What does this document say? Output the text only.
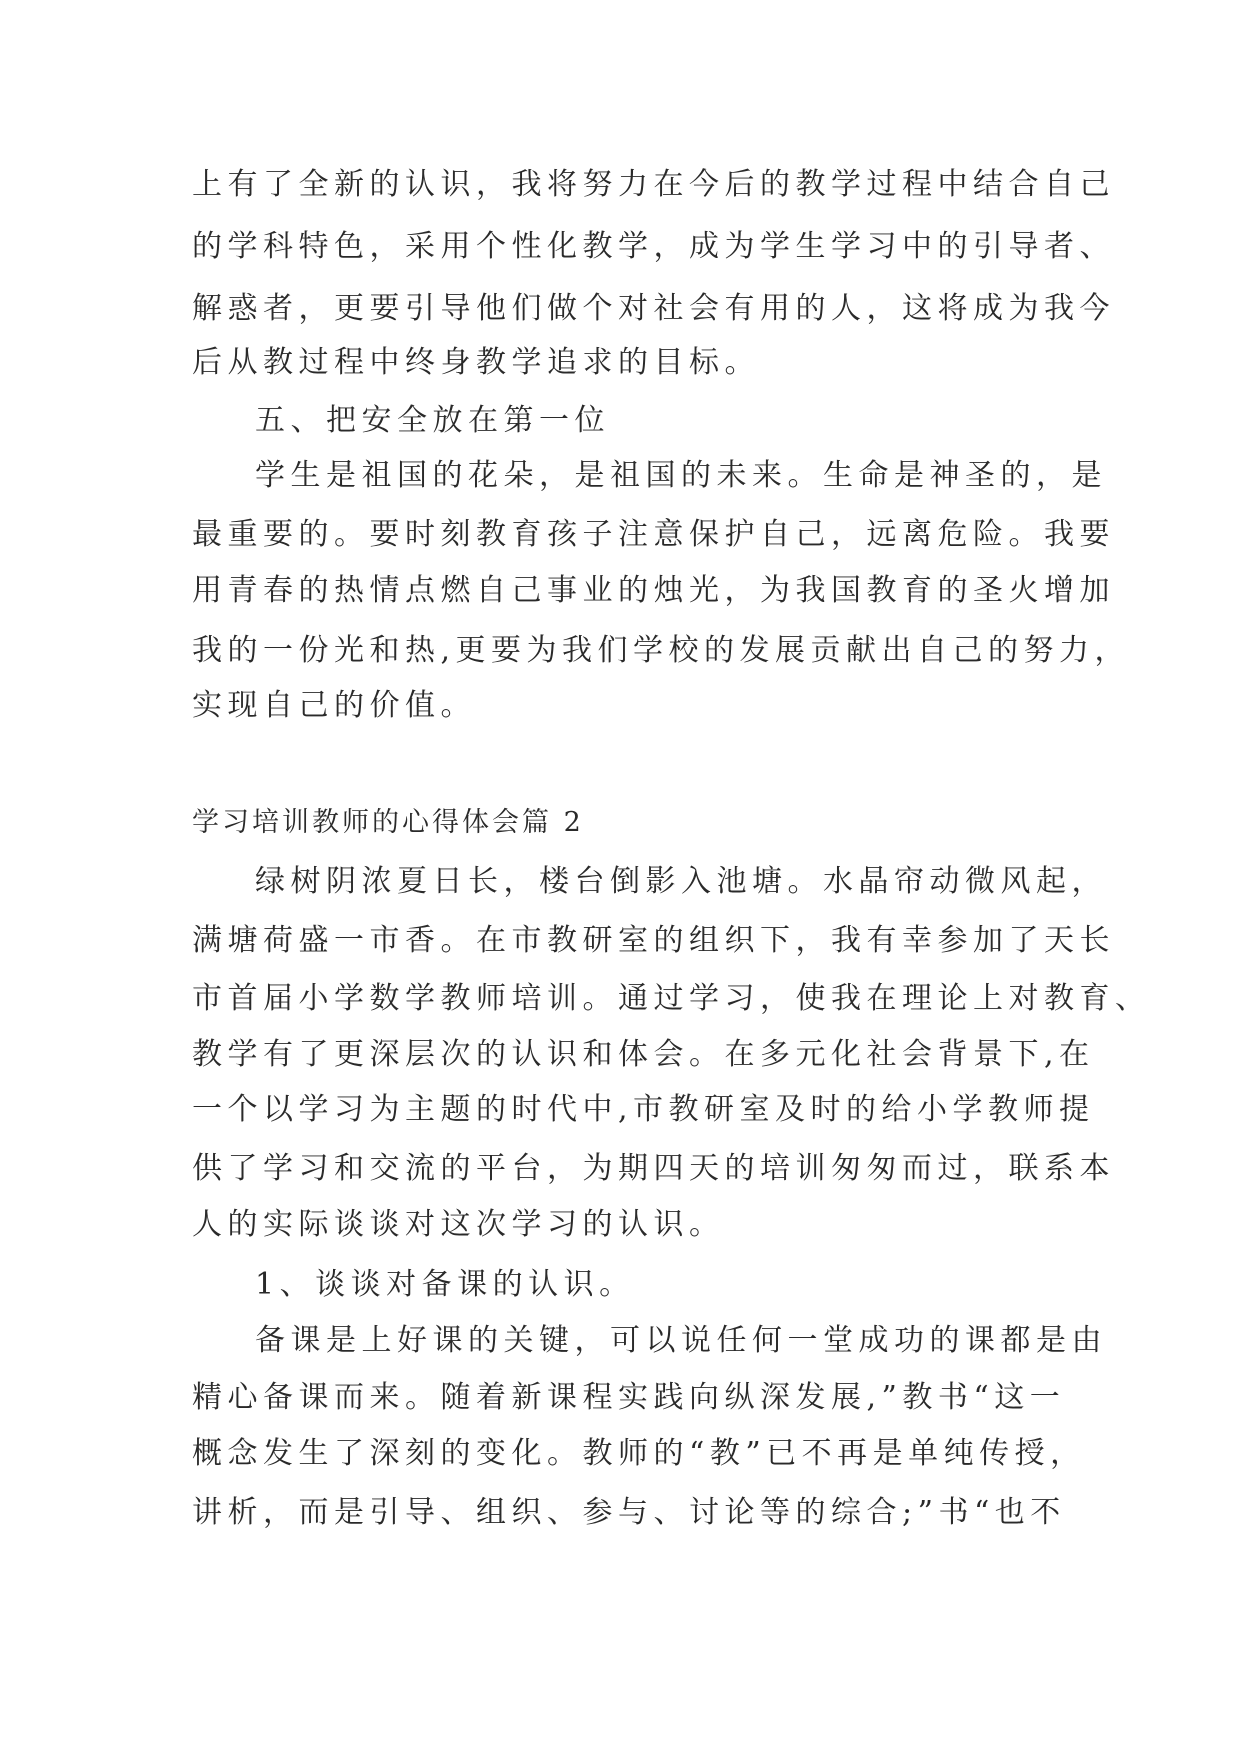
上有了全新的认识，我将努力在今后的教学过程中结合自己

的学科特色，采用个性化教学，成为学生学习中的引导者、

解惑者，更要引导他们做个对社会有用的人，这将成为我今

后从教过程中终身教学追求的目标。

五、把安全放在第一位

学生是祖国的花朵，是祖国的未来。生命是神圣的，是

最重要的。要时刻教育孩子注意保护自己，远离危险。我要

用青春的热情点燃自己事业的烛光，为我国教育的圣火增加

我的一份光和热,更要为我们学校的发展贡献出自己的努力，

实现自己的价值。

学习培训教师的心得体会篇 2

绿树阴浓夏日长，楼台倒影入池塘。水晶帘动微风起，

满塘荷盛一市香。在市教研室的组织下，我有幸参加了天长

市首届小学数学教师培训。通过学习，使我在理论上对教育、

教学有了更深层次的认识和体会。在多元化社会背景下,在

一个以学习为主题的时代中,市教研室及时的给小学教师提

供了学习和交流的平台，为期四天的培训匆匆而过，联系本

人的实际谈谈对这次学习的认识。

1、谈谈对备课的认识。

备课是上好课的关键，可以说任何一堂成功的课都是由

精心备课而来。随着新课程实践向纵深发展,”教书“这一

概念发生了深刻的变化。教师的“教”已不再是单纯传授，

讲析，而是引导、组织、参与、讨论等的综合;”书“也不
